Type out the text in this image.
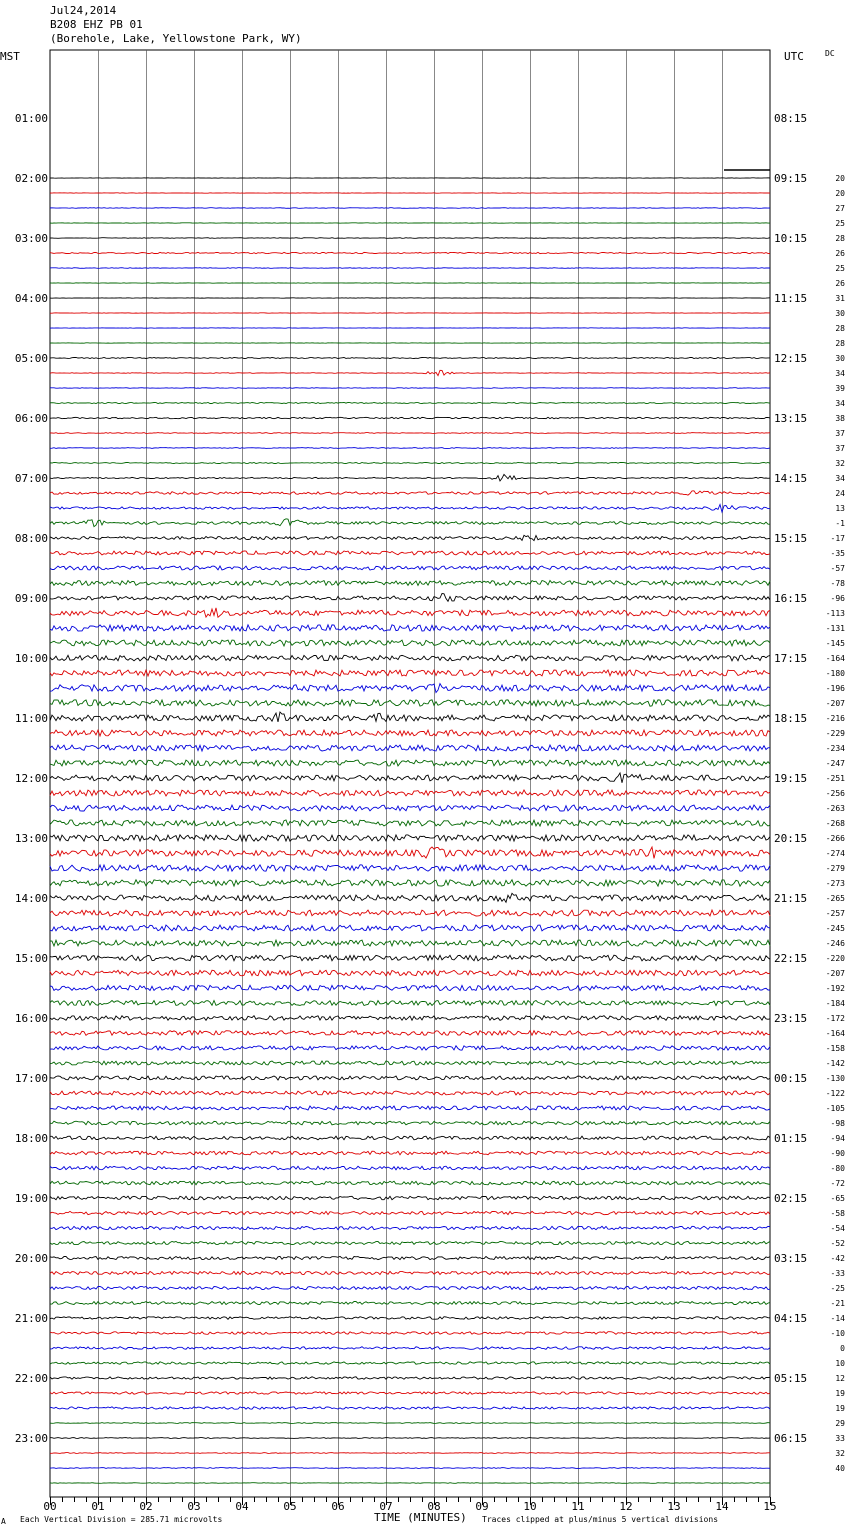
Jul24,2014
B208 EHZ PB 01
(Borehole, Lake, Yellowstone Park, WY)
MST	UTC	DC
00	01	02	03	04	05	06	07	08	09	10	11	12	13	14	15
01:00
02:00
03:00
04:00
05:00
06:00
07:00
08:00
09:00
10:00
11:00
12:00
13:00
14:00
15:00
16:00
17:00
18:00
19:00
20:00
21:00
22:00
23:00
08:15
09:15
10:15
11:15
12:15
13:15
14:15
15:15
16:15
17:15
18:15
19:15
20:15
21:15
22:15
23:15
00:15
01:15
02:15
03:15
04:15
05:15
06:15
20
20
27
25
28
26
25
26
31
30
28
28
30
34
39
34
38
37
37
32
34
24
13
-1
-17
-35
-57
-78
-96
-113
-131
-145
-164
-180
-196
-207
-216
-229
-234
-247
-251
-256
-263
-268
-266
-274
-279
-273
-265
-257
-245
-246
-220
-207
-192
-184
-172
-164
-158
-142
-130
-122
-105
-98
-94
-90
-80
-72
-65
-58
-54
-52
-42
-33
-25
-21
-14
-10
0
10
12
19
19
29
33
32
40
A Each Vertical Division = 285.71 microvolts	TIME (MINUTES) Traces clipped at plus/minus 5 vertical divisions
